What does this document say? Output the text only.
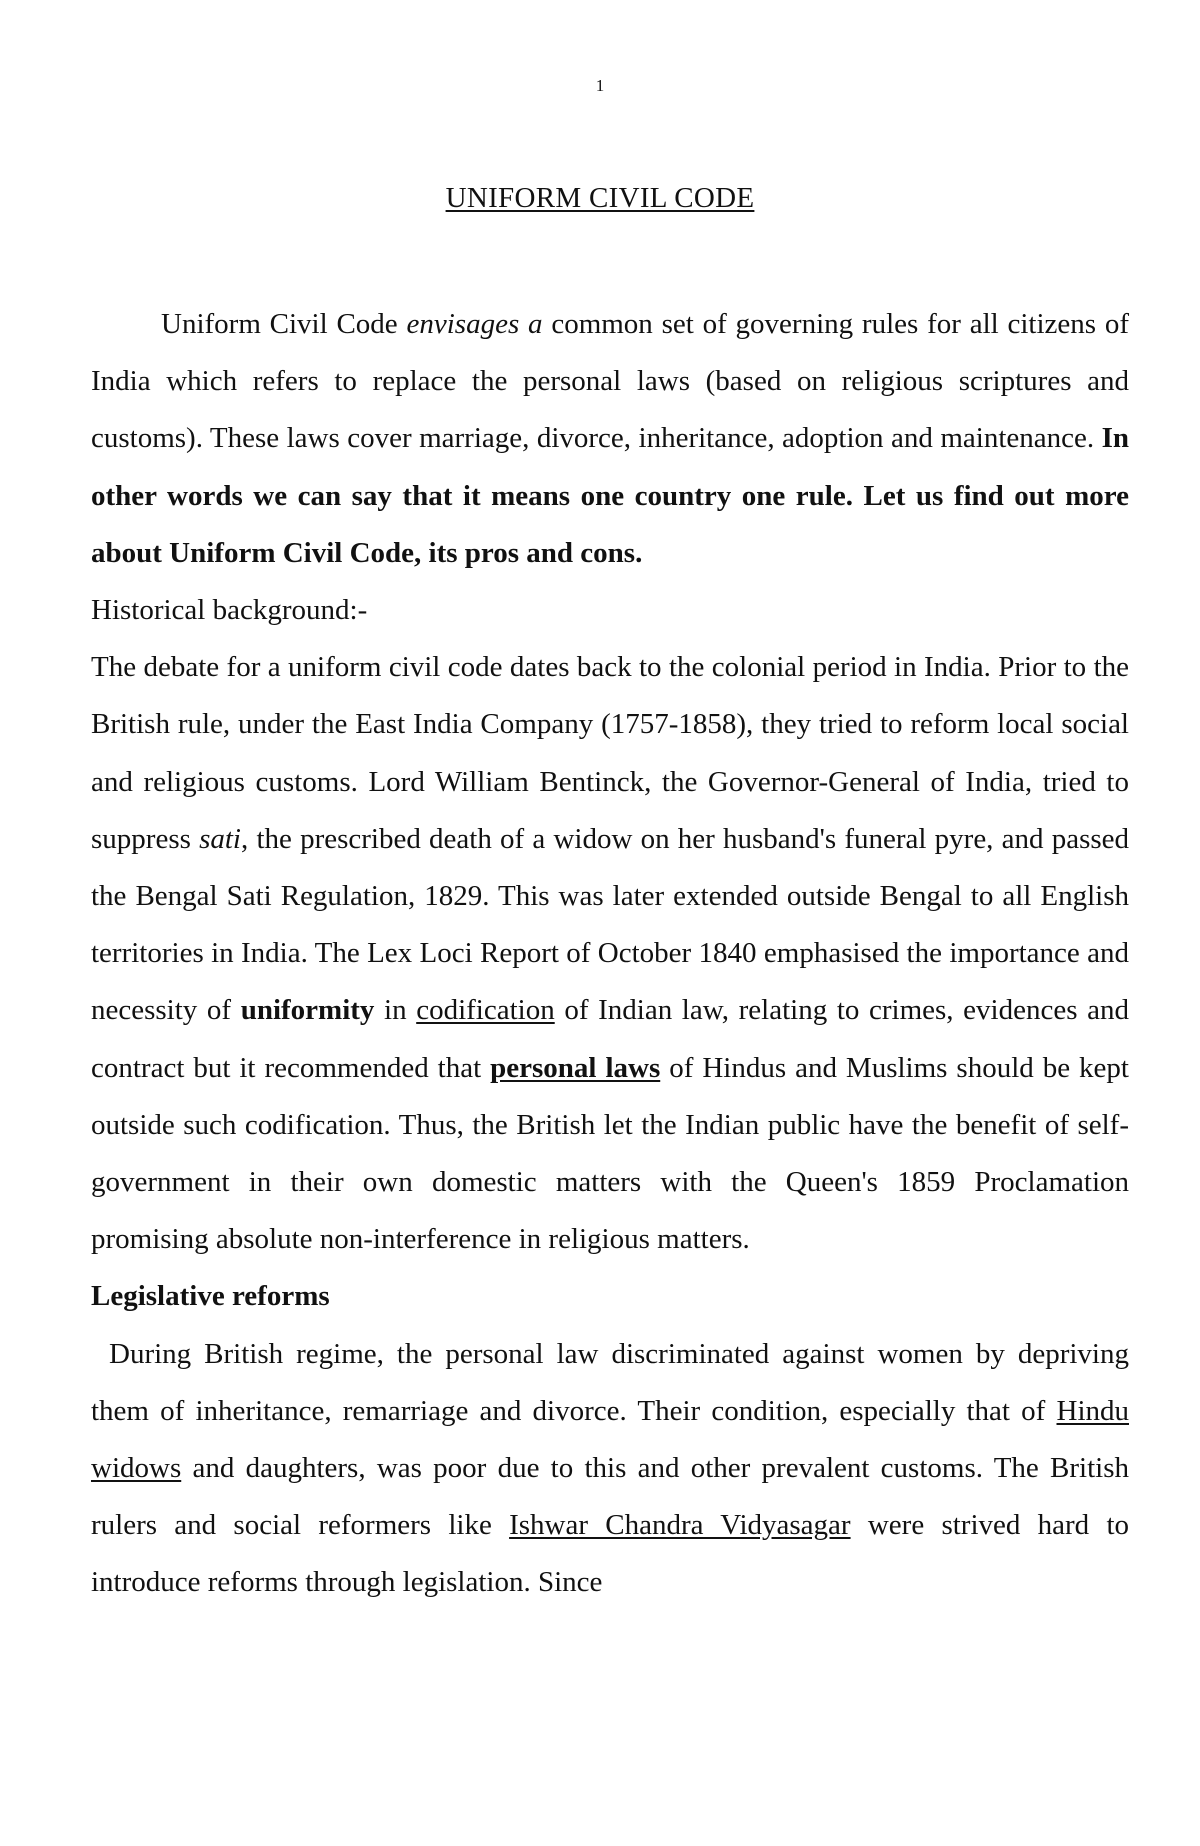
1
UNIFORM CIVIL CODE

Uniform Civil Code envisages a common set of governing rules for all citizens of India which refers to replace the personal laws (based on religious scriptures and customs). These laws cover marriage, divorce, inheritance, adoption and maintenance. In other words we can say that it means one country one rule. Let us find out more about Uniform Civil Code, its pros and cons.

Historical background:-

The debate for a uniform civil code dates back to the colonial period in India. Prior to the British rule, under the East India Company (1757-1858), they tried to reform local social and religious customs. Lord William Bentinck, the Governor-General of India, tried to suppress sati, the prescribed death of a widow on her husband's funeral pyre, and passed the Bengal Sati Regulation, 1829. This was later extended outside Bengal to all English territories in India. The Lex Loci Report of October 1840 emphasised the importance and necessity of uniformity in codification of Indian law, relating to crimes, evidences and contract but it recommended that personal laws of Hindus and Muslims should be kept outside such codification. Thus, the British let the Indian public have the benefit of self-government in their own domestic matters with the Queen's 1859 Proclamation promising absolute non-interference in religious matters.

Legislative reforms

During British regime, the personal law discriminated against women by depriving them of inheritance, remarriage and divorce. Their condition, especially that of Hindu widows and daughters, was poor due to this and other prevalent customs. The British rulers and social reformers like Ishwar Chandra Vidyasagar were strived hard to introduce reforms through legislation. Since
